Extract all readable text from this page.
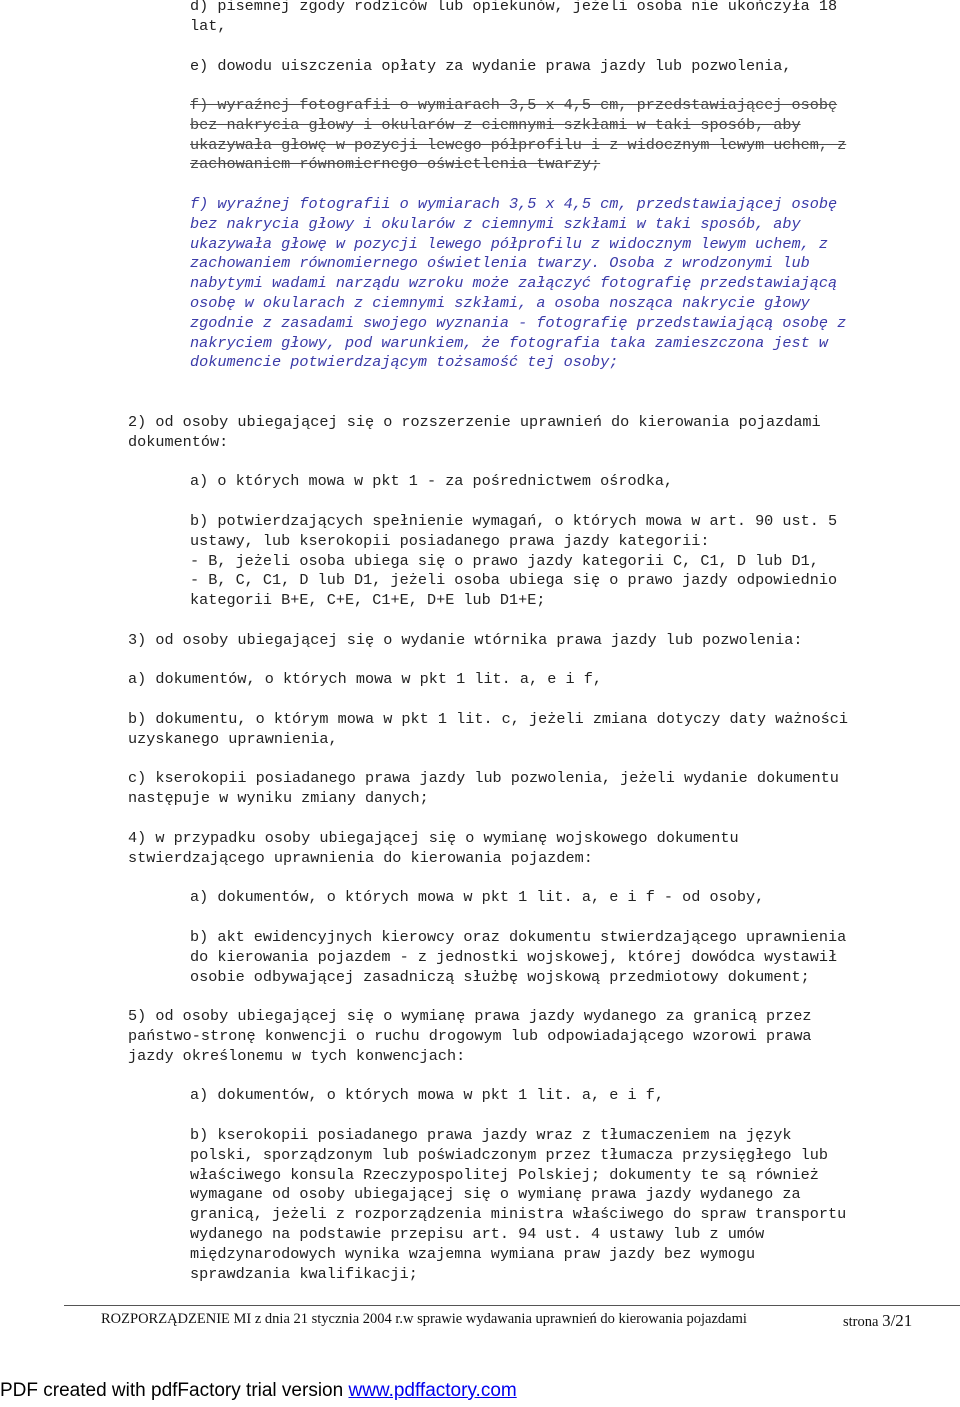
d) pisemnej zgody rodziców lub opiekunów, jeżeli osoba nie ukończyła 18
lat,
e) dowodu uiszczenia opłaty za wydanie prawa jazdy lub pozwolenia,
f) wyraźnej fotografii o wymiarach 3,5 x 4,5 cm, przedstawiającej osobę
bez nakrycia głowy i okularów z ciemnymi szkłami w taki sposób, aby
ukazywała głowę w pozycji lewego półprofilu i z widocznym lewym uchem, z
zachowaniem równomiernego oświetlenia twarzy;
f) wyraźnej fotografii o wymiarach 3,5 x 4,5 cm, przedstawiającej osobę
bez nakrycia głowy i okularów z ciemnymi szkłami w taki sposób, aby
ukazywała głowę w pozycji lewego półprofilu z widocznym lewym uchem, z
zachowaniem równomiernego oświetlenia twarzy. Osoba z wrodzonymi lub
nabytymi wadami narządu wzroku może załączyć fotografię przedstawiającą
osobę w okularach z ciemnymi szkłami, a osoba nosząca nakrycie głowy
zgodnie z zasadami swojego wyznania - fotografię przedstawiającą osobę z
nakryciem głowy, pod warunkiem, że fotografia taka zamieszczona jest w
dokumencie potwierdzającym tożsamość tej osoby;
2) od osoby ubiegającej się o rozszerzenie uprawnień do kierowania pojazdami
dokumentów:
a) o których mowa w pkt 1 - za pośrednictwem ośrodka,
b) potwierdzających spełnienie wymagań, o których mowa w art. 90 ust. 5
ustawy, lub kserokopii posiadanego prawa jazdy kategorii:
- B, jeżeli osoba ubiega się o prawo jazdy kategorii C, C1, D lub D1,
- B, C, C1, D lub D1, jeżeli osoba ubiega się o prawo jazdy odpowiednio
kategorii B+E, C+E, C1+E, D+E lub D1+E;
3) od osoby ubiegającej się o wydanie wtórnika prawa jazdy lub pozwolenia:
a) dokumentów, o których mowa w pkt 1 lit. a, e i f,
b) dokumentu, o którym mowa w pkt 1 lit. c, jeżeli zmiana dotyczy daty ważności
uzyskanego uprawnienia,
c) kserokopii posiadanego prawa jazdy lub pozwolenia, jeżeli wydanie dokumentu
następuje w wyniku zmiany danych;
4) w przypadku osoby ubiegającej się o wymianę wojskowego dokumentu
stwierdzającego uprawnienia do kierowania pojazdem:
a) dokumentów, o których mowa w pkt 1 lit. a, e i f - od osoby,
b) akt ewidencyjnych kierowcy oraz dokumentu stwierdzającego uprawnienia
do kierowania pojazdem - z jednostki wojskowej, której dowódca wystawił
osobie odbywającej zasadniczą służbę wojskową przedmiotowy dokument;
5) od osoby ubiegającej się o wymianę prawa jazdy wydanego za granicą przez
państwo-stronę konwencji o ruchu drogowym lub odpowiadającego wzorowi prawa
jazdy określonemu w tych konwencjach:
a) dokumentów, o których mowa w pkt 1 lit. a, e i f,
b) kserokopii posiadanego prawa jazdy wraz z tłumaczeniem na język
polski, sporządzonym lub poświadczonym przez tłumacza przysięgłego lub
właściwego konsula Rzeczypospolitej Polskiej; dokumenty te są również
wymagane od osoby ubiegającej się o wymianę prawa jazdy wydanego za
granicą, jeżeli z rozporządzenia ministra właściwego do spraw transportu
wydanego na podstawie przepisu art. 94 ust. 4 ustawy lub z umów
międzynarodowych wynika wzajemna wymiana praw jazdy bez wymogu
sprawdzania kwalifikacji;
ROZPORZĄDZENIE MI z dnia 21 stycznia 2004 r.w sprawie wydawania uprawnień do kierowania pojazdami	strona 3/21
PDF created with pdfFactory trial version www.pdffactory.com
